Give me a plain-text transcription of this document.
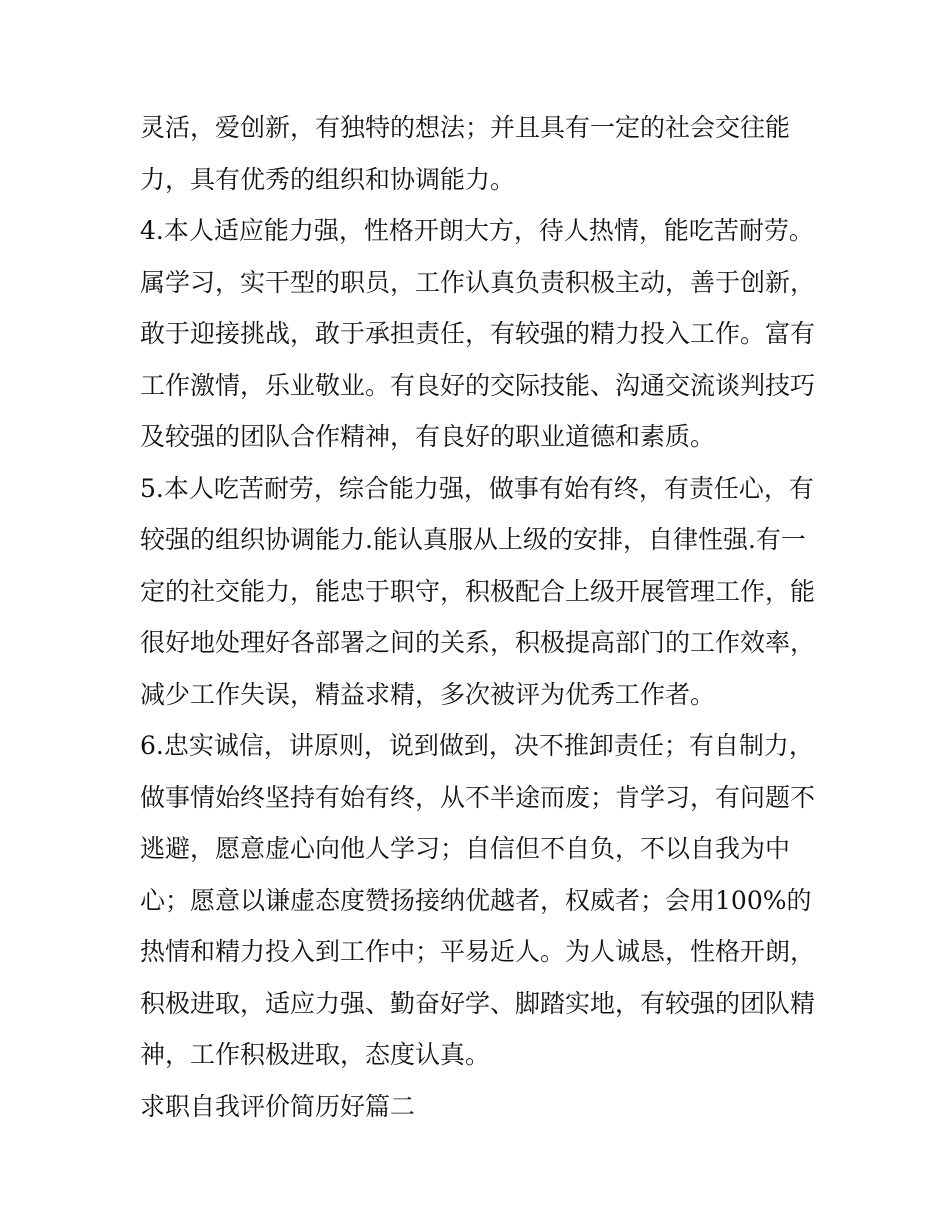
灵活，爱创新，有独特的想法；并且具有一定的社会交往能
力，具有优秀的组织和协调能力。
4.本人适应能力强，性格开朗大方，待人热情，能吃苦耐劳。
属学习，实干型的职员，工作认真负责积极主动，善于创新，
敢于迎接挑战，敢于承担责任，有较强的精力投入工作。富有
工作激情，乐业敬业。有良好的交际技能、沟通交流谈判技巧
及较强的团队合作精神，有良好的职业道德和素质。
5.本人吃苦耐劳，综合能力强，做事有始有终，有责任心，有
较强的组织协调能力.能认真服从上级的安排，自律性强.有一
定的社交能力，能忠于职守，积极配合上级开展管理工作，能
很好地处理好各部署之间的关系，积极提高部门的工作效率，
减少工作失误，精益求精，多次被评为优秀工作者。
6.忠实诚信，讲原则，说到做到，决不推卸责任；有自制力，
做事情始终坚持有始有终，从不半途而废；肯学习，有问题不
逃避，愿意虚心向他人学习；自信但不自负，不以自我为中
心；愿意以谦虚态度赞扬接纳优越者，权威者；会用100%的
热情和精力投入到工作中；平易近人。为人诚恳，性格开朗，
积极进取，适应力强、勤奋好学、脚踏实地，有较强的团队精
神，工作积极进取，态度认真。
求职自我评价简历好篇二
